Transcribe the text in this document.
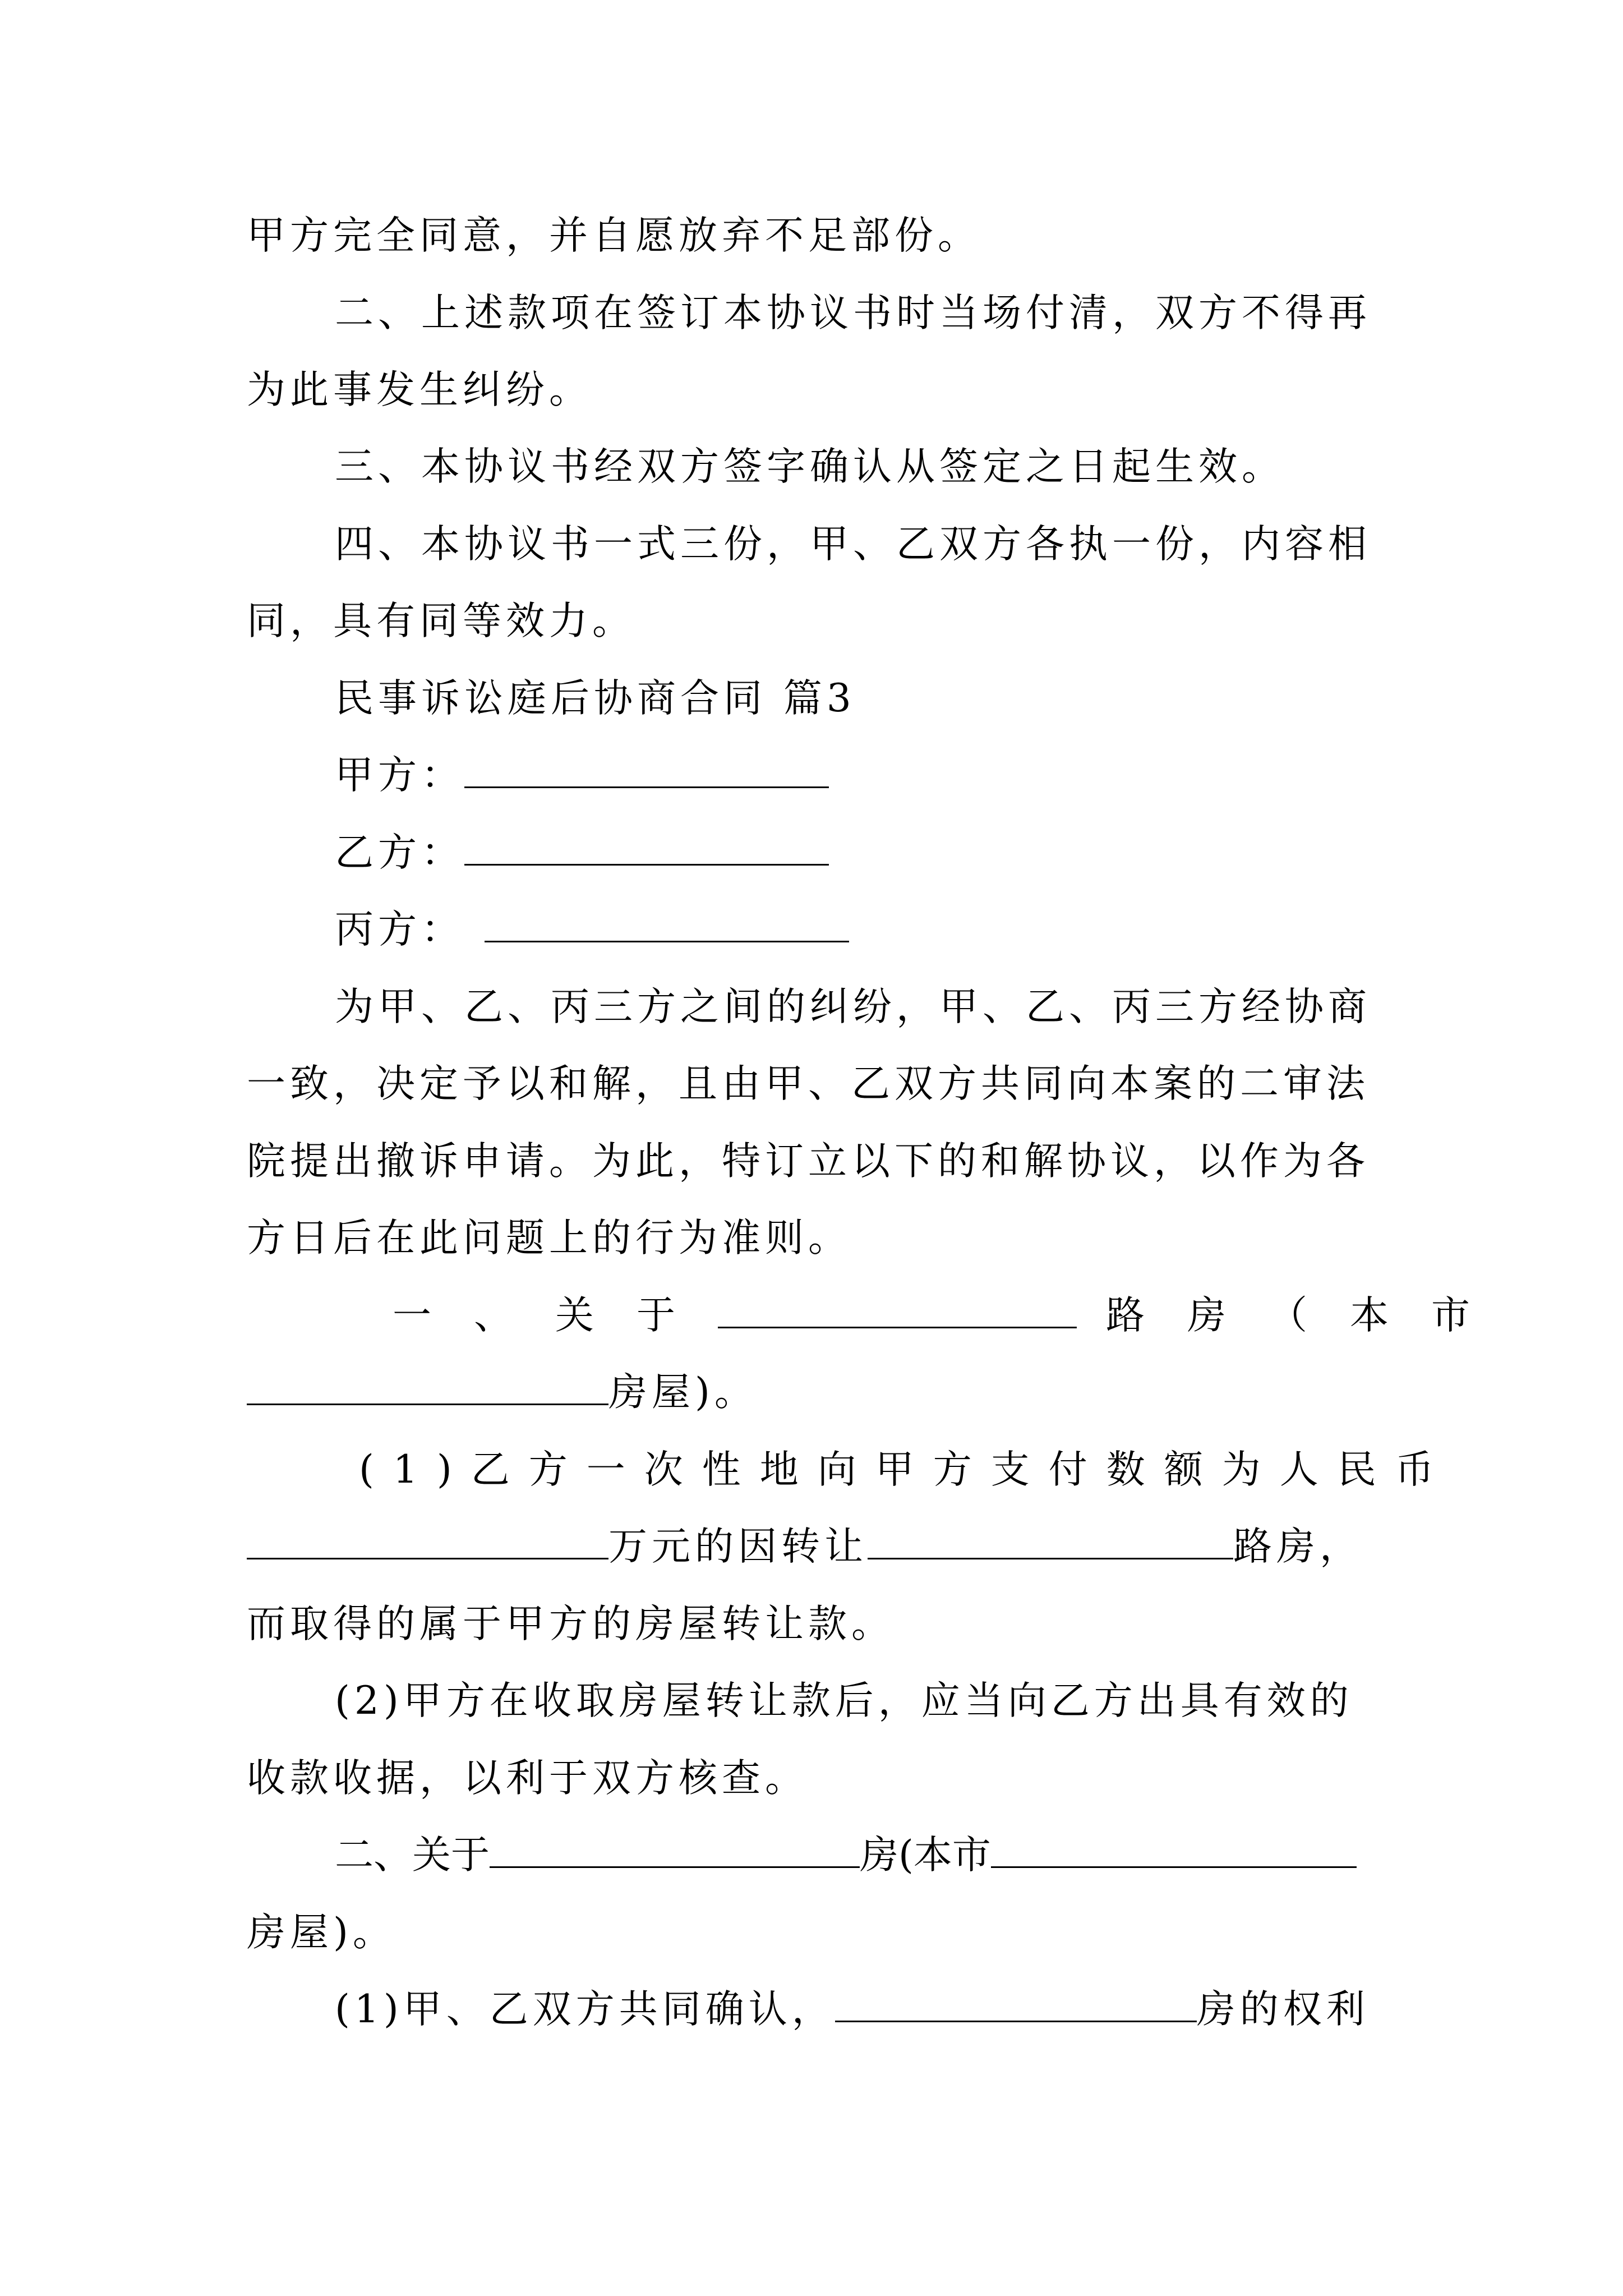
甲方完全同意，并自愿放弃不足部份。
二、上述款项在签订本协议书时当场付清，双方不得再
为此事发生纠纷。
三、本协议书经双方签字确认从签定之日起生效。
四、本协议书一式三份，甲、乙双方各执一份，内容相
同，具有同等效力。
民事诉讼庭后协商合同 篇3
甲方：
乙方：
丙方：
为甲、乙、丙三方之间的纠纷，甲、乙、丙三方经协商
一致，决定予以和解，且由甲、乙双方共同向本案的二审法
院提出撤诉申请。为此，特订立以下的和解协议，以作为各
方日后在此问题上的行为准则。
一、关于	路房（本市
房屋)。
(1)乙方一次性地向甲方支付数额为人民币
万元的因转让	路房，
而取得的属于甲方的房屋转让款。
(2)甲方在收取房屋转让款后，应当向乙方出具有效的
收款收据，以利于双方核查。
二、关于	房(本市
房屋)。
(1)甲、乙双方共同确认，	房的权利
